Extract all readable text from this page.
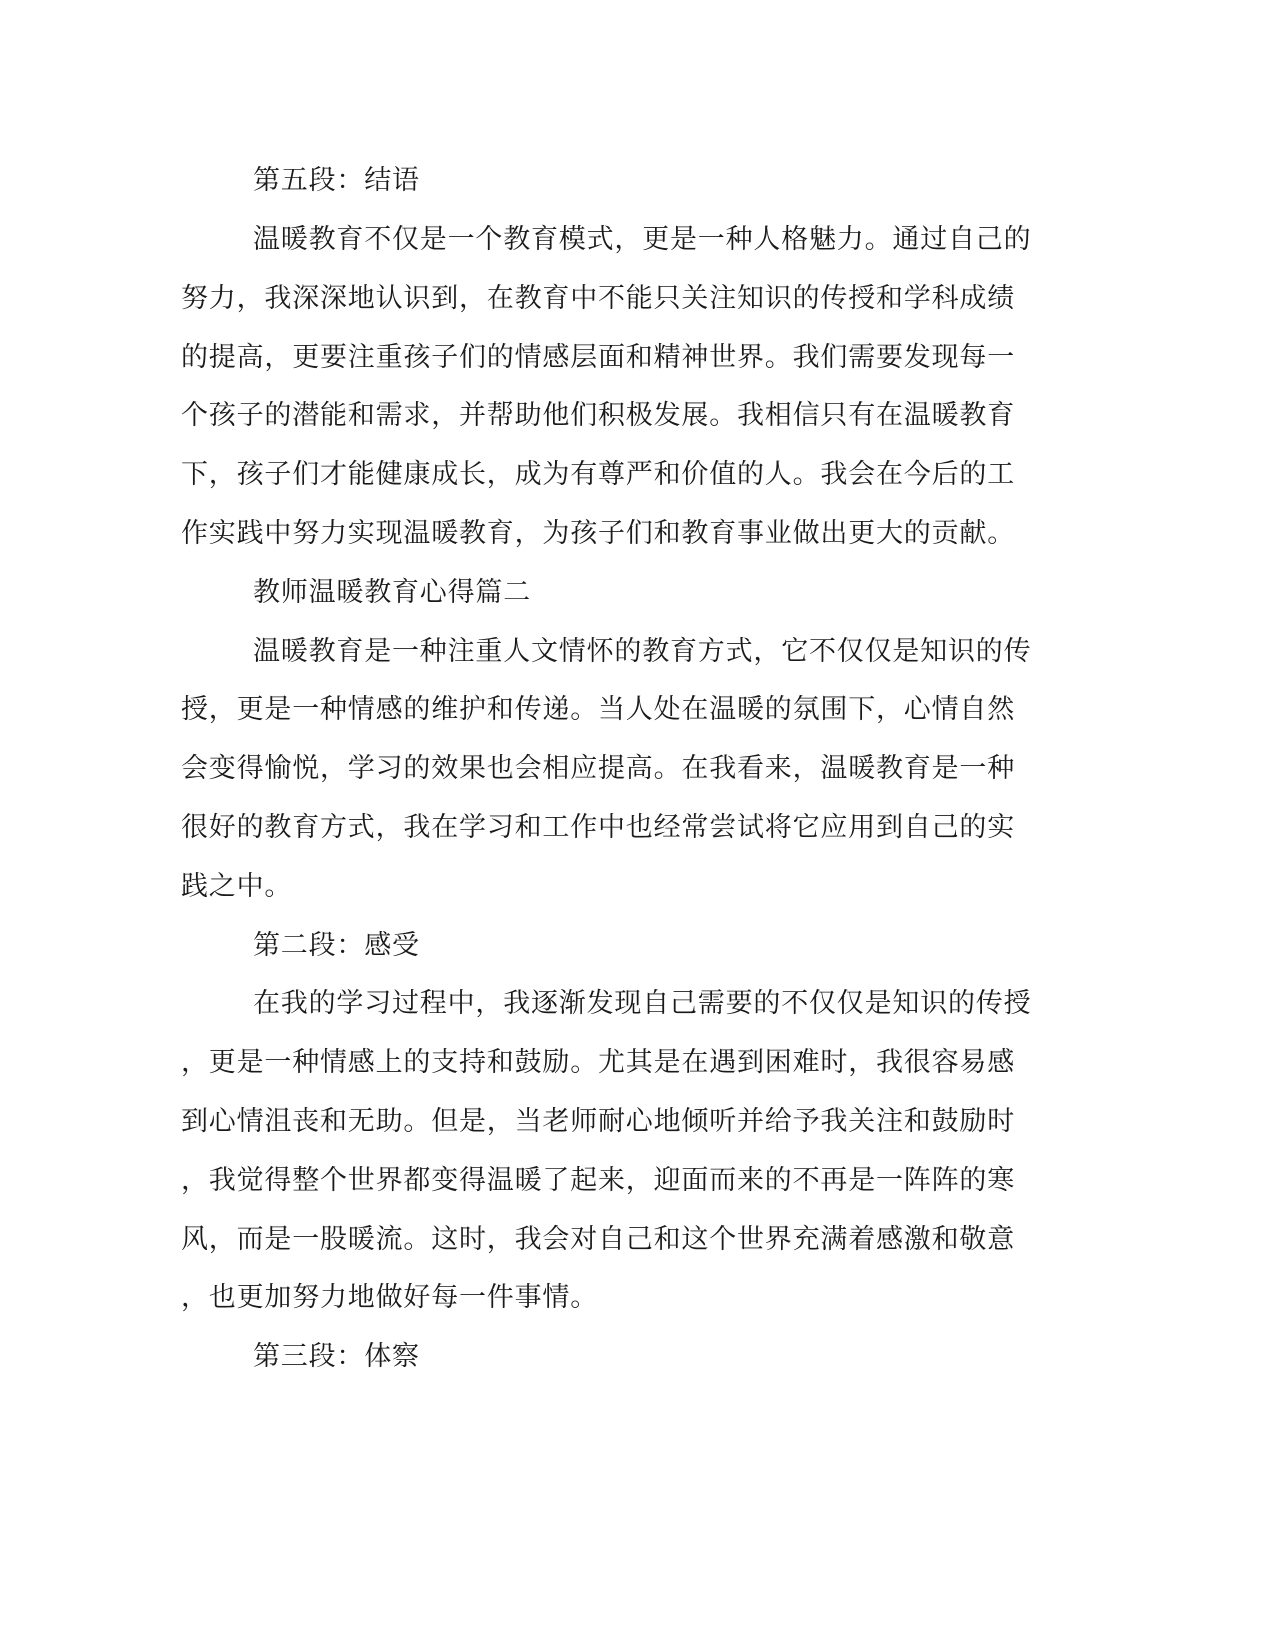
第五段：结语
温暖教育不仅是一个教育模式，更是一种人格魅力。通过自己的
努力，我深深地认识到，在教育中不能只关注知识的传授和学科成绩
的提高，更要注重孩子们的情感层面和精神世界。我们需要发现每一
个孩子的潜能和需求，并帮助他们积极发展。我相信只有在温暖教育
下，孩子们才能健康成长，成为有尊严和价值的人。我会在今后的工
作实践中努力实现温暖教育，为孩子们和教育事业做出更大的贡献。
教师温暖教育心得篇二
温暖教育是一种注重人文情怀的教育方式，它不仅仅是知识的传
授，更是一种情感的维护和传递。当人处在温暖的氛围下，心情自然
会变得愉悦，学习的效果也会相应提高。在我看来，温暖教育是一种
很好的教育方式，我在学习和工作中也经常尝试将它应用到自己的实
践之中。
第二段：感受
在我的学习过程中，我逐渐发现自己需要的不仅仅是知识的传授
，更是一种情感上的支持和鼓励。尤其是在遇到困难时，我很容易感
到心情沮丧和无助。但是，当老师耐心地倾听并给予我关注和鼓励时
，我觉得整个世界都变得温暖了起来，迎面而来的不再是一阵阵的寒
风，而是一股暖流。这时，我会对自己和这个世界充满着感激和敬意
，也更加努力地做好每一件事情。
第三段：体察
